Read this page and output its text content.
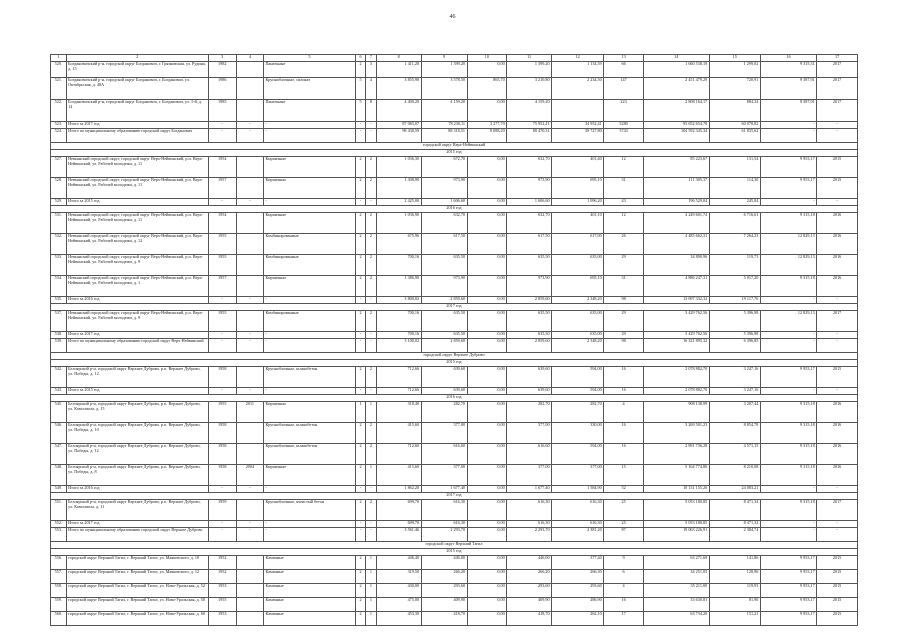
46
1	2	3	4	5	6	7	8	9	10	11	12	13	14	15	16	17
520.	Богдановичский р-н, городской округ Богданович, г. Грязновская, ул. Рудина, д. 15	1982		Панельные	2	3	1 411,20	1 399,20	0,00	1 399,20	1 134,59	66	1 660 538,19	1 299,02	9 315,31	2017
521.	Богдановичский р-н, городской округ Богданович, г. Богданович, ул. Октябрьская, д. 48А	1986		Крупноблочные, силикат	5	4	3 855,90	3 578,50	865,70	3 210,80	2 234,50	147	2 451 479,29	720,91	9 387,91	2017
522.	Богдановичский р-н, городской округ Богданович, г. Богданович, ул. 1-й, д. 14	1985		Панельные	5	8	4 400,20	4 159,20	0,00	4 159,20		223	2 808 164,17	884,34	9 387,91	2017
523.	Итого за 2017 год	-	-	-	-	-	87 083,07	78 230,11	3 277,70	75 952,41	34 952,41	5280	95 652 654,78	60 078,82	-	-
524.	Итого по муниципальному образованию городской округ Богданович	-	-	-	-	-	98 430,59	88 318,51	8 088,20	80 470,31	39 727,80	5743	104 592 345,34	61 835,62	-	-
городской округ Верх-Нейвинский																
2015 год																
527.	Невьянский городской округ, городской округ Верх-Нейвинский, р.п. Верх-Нейвинский, ул. Рабочей молодежи, д. 11	1954		Кирпичные	2	2	1 036,30	672,70	0,00	632,70	401,40	12	85 223,67	131,54	9 953,17	2015
528.	Невьянский городской округ, городской округ Верх-Нейвинский, р.п. Верх-Нейвинский, ул. Рабочей молодежи, д. 11	1957		Кирпичные	2	2	1 308,90	973,90	0,00	973,90	695,10	31	111 305,37	114,30	9 953,17	2015
529.	Итого за 2015 год	-	-	-	-	-	2 425,00	1 606,60	0,00	1 606,60	1 096,20	43	196 529,04	245,84	-	-
2016 год																
531.	Невьянский городской округ, городской округ Верх-Нейвинский, р.п. Верх-Нейвинский, ул. Рабочей молодежи, д. 11	1954		Кирпичные	2	2	1 036,90	632,70	0,00	632,70	401,10	12	4 249 601,74	6 716,61	9 315,18	2016
532.	Невьянский городской округ, городской округ Верх-Нейвинский, р.п. Верх-Нейвинский, ул. Рабочей молодежи, д. 12	1955		Комбинированные	2	2	675,96	617,50	0,00	617,50	617,00	26	4 485 662,31	7 264,23	12 829,13	2016
533.	Невьянский городской округ, городской округ Верх-Нейвинский, р.п. Верх-Нейвинский, ул. Рабочей молодежи, д. 9	1955		Комбинированные	2	2	700,16	635,50	0,00	635,50	635,00	29	34 890,96	119,73	12 829,13	2016
534.	Невьянский городской округ, городской округ Верх-Нейвинский, р.п. Верх-Нейвинский, ул. Рабочей молодежи, д. 1	1957		Кирпичные	2	2	1 386,90	973,90	0,00	973,90	695,10	31	4 886 247,31	5 017,20	9 315,18	2016
535.	Итого за 2016 год	-	-	-	-	-	3 800,82	2 859,60	0,00	2 859,60	2 348,20	98	13 697 332,32	19 117,76	-	-
2017 год																
537.	Невьянский городской округ, городской округ Верх-Нейвинский, р.п. Верх-Нейвинский, ул. Рабочей молодежи, д. 9	1955		Комбинированные	2	2	700,16	635,50	0,00	635,50	635,00	29	3 429 762,56	5 396,98	12 829,13	2017
538.	Итого за 2017 год	-	-	-	-	-	700,16	635,50	0,00	635,50	635,00	29	3 429 762,56	5 396,98	-	-
539.	Итого по муниципальному образованию городской округ Верх-Нейвинский	-	-	-	-	-	3 100,02	2 859,60	0,00	2 859,60	2 348,20	98	16 321 895,32	6 396,85	-	-
городской округ Верхнее Дуброво																
2015 год																
542.	Белоярский р-н, городской округ Верхнее Дуброво, р.п. Верхнее Дуброво, ул. Победы, д. 12	1958		Крупноблочные, шлакобетон	2	2	712,66	639,60	0,00	639,60	594,00	16	2 078 882,70	3 247,16	9 953,17	2015
543.	Итого за 2015 год	-	-	-	-	-	712,66	639,60	0,00	639,60	594,00	16	2 078 882,70	3 247,16	-	-
2016 год																
545.	Белоярский р-н, городской округ Верхнее Дуброво, р.п. Верхнее Дуброво, ул. Комсомола, д. 15	1955	2011	Кирпичные	1	1	318,40	282,70	0,00	282,70	282,70	4	908 138,99	3 207,44	9 315,18	2016
546.	Белоярский р-н, городской округ Верхнее Дуброво, р.п. Верхнее Дуброво, ул. Победы, д. 10	1958		Крупноблочные, шлакобетон	2	2	415,60	377,00	0,00	377,00	330,00	16	3 269 501,23	8 854,78	9 315,18	2016
547.	Белоярский р-н, городской округ Верхнее Дуброво, р.п. Верхнее Дуброво, ул. Победы, д. 12	1958		Крупноблочные, шлакобетон	2	2	712,60	616,60	0,00	616,60	594,00	16	2 891 736,28	4 571,15	9 315,18	2016
548.	Белоярский р-н, городской округ Верхнее Дуброво, р.п. Верхнее Дуброво, ул. Победы, д. 8	1958	2004	Кирпичные	2	1	415,60	377,00	0,00	377,00	377,00	15	5 164 774,80	8 210,08	9 315,18	2016
549.	Итого за 2016 год	-	-	-	-	-	1 862,20	1 677,40	0,00	1 677,40	1 584,90	52	10 131 155,26	24 083,21	-	-
2017 год																
551.	Белоярский р-н, городской округ Верхнее Дуброво, р.п. Верхнее Дуброво, ул. Комсомола, д. 11	1959		Крупноблочные, ячеистый бетон	2	2	699,70	616,30	0,00	616,30	616,30	25	5 053 180,85	8 471,34	9 315,18	2017
552.	Итого за 2017 год	-	-	-	-	-	699,70	616,30	0,00	616,30	616,30	25	5 053 180,85	8 471,34	-	-
553.	Итого по муниципальному образованию городской округ Верхнее Дуброво	-	-	-	-	-	3 561,46	2 293,70	0,00	2 293,70	2 381,20	87	19 063 226,91	2 384,74	-	-
городской округ Верхний Тагил																
2015 год																
556.	городской округ Верхний Тагил, г. Верхний Тагил, ул. Маяковского, д. 10	1952		Каменные	2	1	446,40	446,00	0,00	446,00	377,40	9	63 271,69	141,86	9 953,17	2015
557.	городской округ Верхний Тагил, г. Верхний Тагил, ул. Маяковского, д. 12	1952		Каменные	2	1	319,50	266,20	0,00	266,20	266,30	6	34 251,05	128,96	9 953,17	2015
558.	городской округ Верхний Тагил, г. Верхний Тагил, ул. Ново-Уральская, д. 52	1953		Каменные	2	1	430,00	293,60	0,00	293,60	293,60	4	35 211,00	119,93	9 953,17	2015
559.	городской округ Верхний Тагил, г. Верхний Тагил, ул. Ново-Уральская, д. 58	1955		Каменные	2	1	475,00	409,90	0,00	409,90	286,90	16	33 630,81	81,90	9 953,17	2015
560.	городской округ Верхний Тагил, г. Верхний Тагил, ул. Ново-Уральская, д. 60	1953		Каменные	2	1	453,30	418,70	0,00	418,70	262,10	17	63 734,20	151,21	9 953,17	2015
